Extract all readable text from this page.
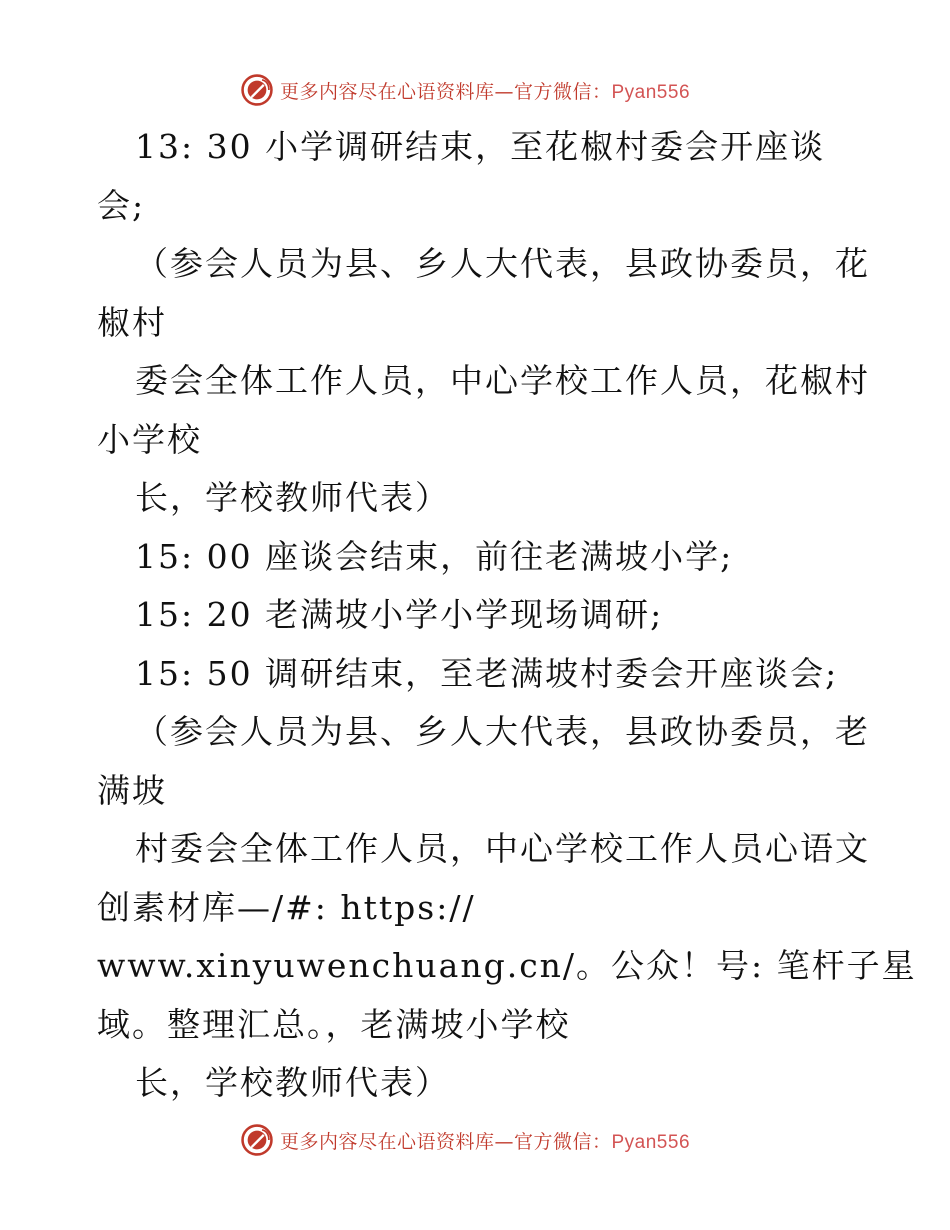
更多内容尽在心语资料库—官方微信：Pyan556
13: 30 小学调研结束，至花椒村委会开座谈
会;
（参会人员为县、乡人大代表，县政协委员，花
椒村
委会全体工作人员，中心学校工作人员，花椒村
小学校
长，学校教师代表）
15: 00 座谈会结束，前往老满坡小学;
15: 20 老满坡小学小学现场调研;
15: 50 调研结束，至老满坡村委会开座谈会;
（参会人员为县、乡人大代表，县政协委员，老
满坡
村委会全体工作人员，中心学校工作人员心语文
创素材库—/#: https://
www.xinyuwenchuang.cn/。公众！号: 笔杆子星
域。整理汇总。，老满坡小学校
长，学校教师代表）
更多内容尽在心语资料库—官方微信：Pyan556
